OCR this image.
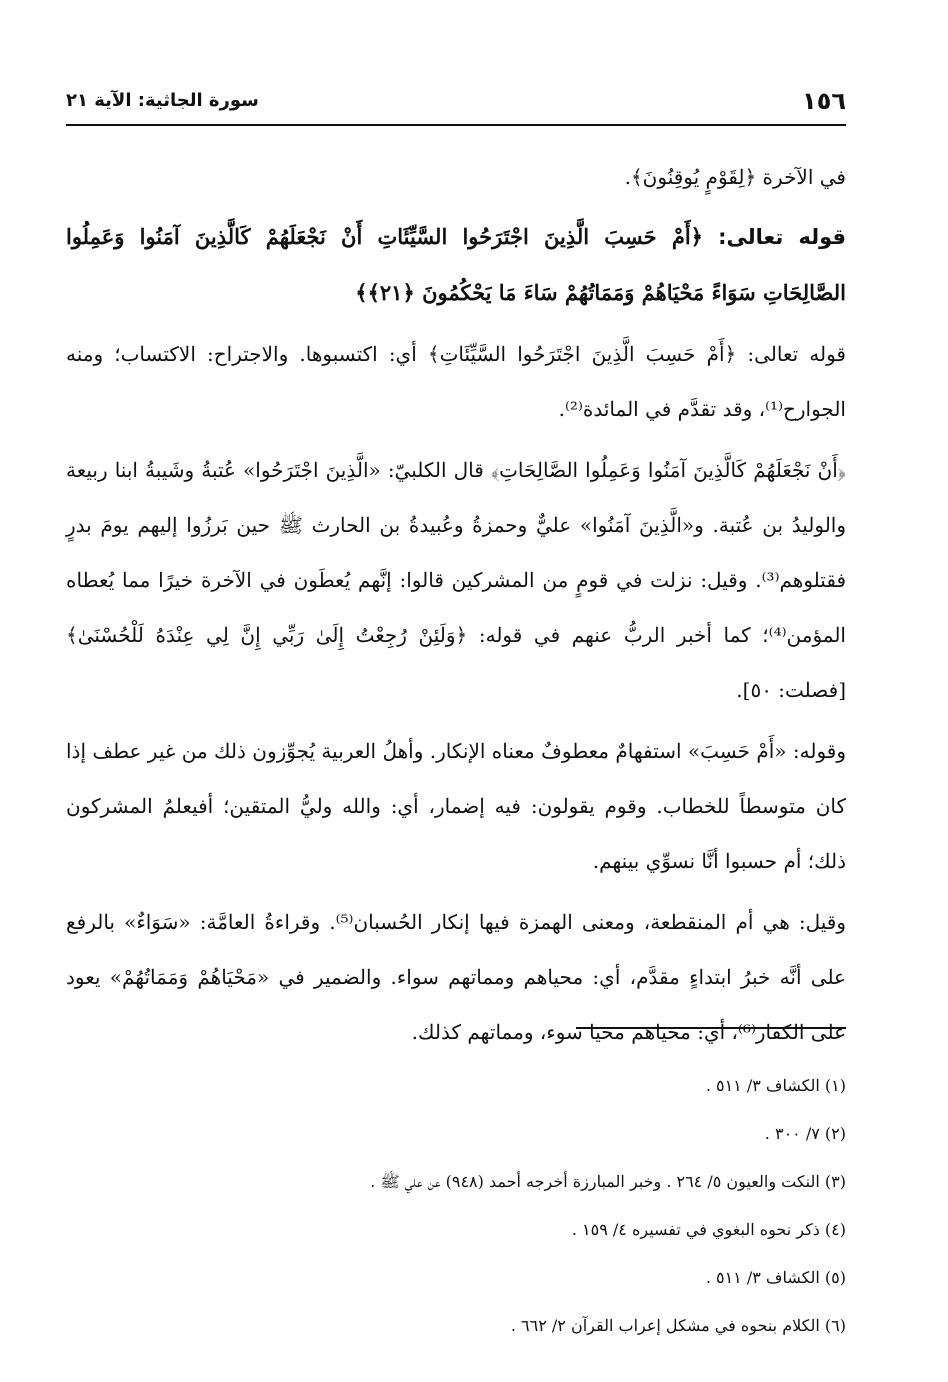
١٥٦
سورة الجاثية: الآية ٢١

في الآخرة ﴿لِقَوْمٍ يُوقِنُونَ﴾.

قوله تعالى: ﴿أَمْ حَسِبَ الَّذِينَ اجْتَرَحُوا السَّيِّئَاتِ أَنْ نَجْعَلَهُمْ كَالَّذِينَ آمَنُوا وَعَمِلُوا الصَّالِحَاتِ سَوَاءً مَحْيَاهُمْ وَمَمَاتُهُمْ سَاءَ مَا يَحْكُمُونَ ﴿٢١﴾﴾

قوله تعالى: ﴿أَمْ حَسِبَ الَّذِينَ اجْتَرَحُوا السَّيِّئَاتِ﴾ أي: اكتسبوها. والاجتراح: الاكتساب؛ ومنه الجوارح⁽¹⁾، وقد تقدَّم في المائدة⁽²⁾.

﴿أَنْ نَجْعَلَهُمْ كَالَّذِينَ آمَنُوا وَعَمِلُوا الصَّالِحَاتِ﴾ قال الكلبيّ: «الَّذِينَ اجْتَرَحُوا» عُتبةُ وشَيبةُ ابنا ربيعة والوليدُ بن عُتبة. و«الَّذِينَ آمَنُوا» عليٌّ وحمزةُ وعُبيدةُ بن الحارث ﷺ حين بَرزُوا إليهم يومَ بدرٍ فقتلوهم⁽³⁾. وقيل: نزلت في قومٍ من المشركين قالوا: إنَّهم يُعطَون في الآخرة خيرًا مما يُعطاه المؤمن⁽⁴⁾؛ كما أخبر الربُّ عنهم في قوله: ﴿وَلَئِنْ رُجِعْتُ إِلَىٰ رَبِّي إِنَّ لِي عِنْدَهُ لَلْحُسْنَىٰ﴾ [فصلت: ٥٠].

وقوله: «أَمْ حَسِبَ» استفهامٌ معطوفٌ معناه الإنكار. وأهلُ العربية يُجوِّزون ذلك من غير عطف إذا كان متوسطاً للخطاب. وقوم يقولون: فيه إضمار، أي: والله وليُّ المتقين؛ أفيعلمُ المشركون ذلك؛ أم حسبوا أنَّا نسوِّي بينهم.

وقيل: هي أم المنقطعة، ومعنى الهمزة فيها إنكار الحُسبان⁽⁵⁾. وقراءةُ العامَّة: «سَوَاءٌ» بالرفع على أنَّه خبرُ ابتداءٍ مقدَّم، أي: محياهم ومماتهم سواء. والضمير في «مَحْيَاهُمْ وَمَمَاتُهُمْ» يعود على الكفار⁽⁶⁾، أي: محياهم محيا سوء، ومماتهم كذلك.

(١) الكشاف ٣/ ٥١١ .
(٢) ٧/ ٣٠٠ .
(٣) النكت والعيون ٥/ ٢٦٤ . وخبر المبارزة أخرجه أحمد (٩٤٨) عن علي ﷺ .
(٤) ذكر نحوه البغوي في تفسيره ٤/ ١٥٩ .
(٥) الكشاف ٣/ ٥١١ .
(٦) الكلام بنحوه في مشكل إعراب القرآن ٢/ ٦٦٢ .
